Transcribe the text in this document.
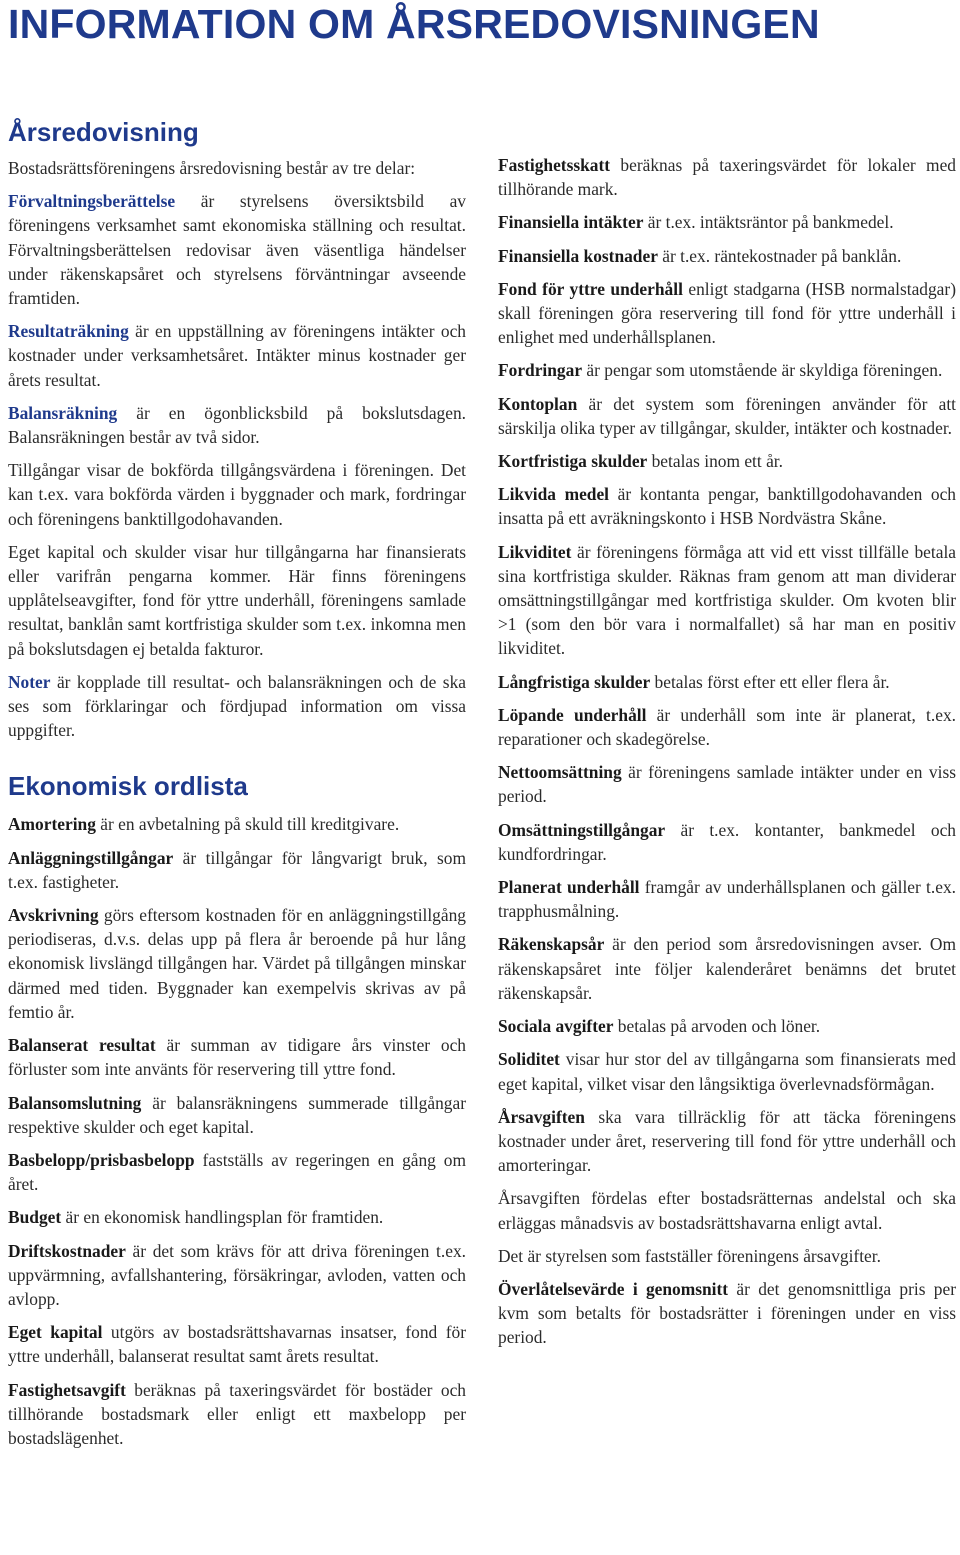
INFORMATION OM ÅRSREDOVISNINGEN
Årsredovisning

Bostadsrättsföreningens årsredovisning består av tre delar:

Förvaltningsberättelse är styrelsens översiktsbild av föreningens verksamhet samt ekonomiska ställning och resultat. Förvaltningsberättelsen redovisar även väsentliga händelser under räkenskapsåret och styrelsens förväntningar avseende framtiden.

Resultaträkning är en uppställning av föreningens intäkter och kostnader under verksamhetsåret. Intäkter minus kostnader ger årets resultat.

Balansräkning är en ögonblicksbild på bokslutsdagen. Balansräkningen består av två sidor.

Tillgångar visar de bokförda tillgångsvärdena i föreningen. Det kan t.ex. vara bokförda värden i byggnader och mark, fordringar och föreningens banktillgodohavanden.

Eget kapital och skulder visar hur tillgångarna har finansierats eller varifrån pengarna kommer. Här finns föreningens upplåtelseavgifter, fond för yttre underhåll, föreningens samlade resultat, banklån samt kortfristiga skulder som t.ex. inkomna men på bokslutsdagen ej betalda fakturor.

Noter är kopplade till resultat- och balansräkningen och de ska ses som förklaringar och fördjupad information om vissa uppgifter.

Ekonomisk ordlista

Amortering är en avbetalning på skuld till kreditgivare.

Anläggningstillgångar är tillgångar för långvarigt bruk, som t.ex. fastigheter.

Avskrivning görs eftersom kostnaden för en anläggningstillgång periodiseras, d.v.s. delas upp på flera år beroende på hur lång ekonomisk livslängd tillgången har. Värdet på tillgången minskar därmed med tiden. Byggnader kan exempelvis skrivas av på femtio år.

Balanserat resultat är summan av tidigare års vinster och förluster som inte använts för reservering till yttre fond.

Balansomslutning är balansräkningens summerade tillgångar respektive skulder och eget kapital.

Basbelopp/prisbasbelopp fastställs av regeringen en gång om året.

Budget är en ekonomisk handlingsplan för framtiden.

Driftskostnader är det som krävs för att driva föreningen t.ex. uppvärmning, avfallshantering, försäkringar, avloden, vatten och avlopp.

Eget kapital utgörs av bostadsrättshavarnas insatser, fond för yttre underhåll, balanserat resultat samt årets resultat.

Fastighetsavgift beräknas på taxeringsvärdet för bostäder och tillhörande bostadsmark eller enligt ett maxbelopp per bostadslägenhet.

Fastighetsskatt beräknas på taxeringsvärdet för lokaler med tillhörande mark.

Finansiella intäkter är t.ex. intäktsräntor på bankmedel.

Finansiella kostnader är t.ex. räntekostnader på banklån.

Fond för yttre underhåll enligt stadgarna (HSB normalstadgar) skall föreningen göra reservering till fond för yttre underhåll i enlighet med underhållsplanen.

Fordringar är pengar som utomstående är skyldiga föreningen.

Kontoplan är det system som föreningen använder för att särskilja olika typer av tillgångar, skulder, intäkter och kostnader.

Kortfristiga skulder betalas inom ett år.

Likvida medel är kontanta pengar, banktillgodohavanden och insatta på ett avräkningskonto i HSB Nordvästra Skåne.

Likviditet är föreningens förmåga att vid ett visst tillfälle betala sina kortfristiga skulder. Räknas fram genom att man dividerar omsättningstillgångar med kortfristiga skulder. Om kvoten blir >1 (som den bör vara i normalfallet) så har man en positiv likviditet.

Långfristiga skulder betalas först efter ett eller flera år.

Löpande underhåll är underhåll som inte är planerat, t.ex. reparationer och skadegörelse.

Nettoomsättning är föreningens samlade intäkter under en viss period.

Omsättningstillgångar är t.ex. kontanter, bankmedel och kundfordringar.

Planerat underhåll framgår av underhållsplanen och gäller t.ex. trapphusmålning.

Räkenskapsår är den period som årsredovisningen avser. Om räkenskapsåret inte följer kalenderåret benämns det brutet räkenskapsår.

Sociala avgifter betalas på arvoden och löner.

Soliditet visar hur stor del av tillgångarna som finansierats med eget kapital, vilket visar den långsiktiga överlevnadsförmågan.

Årsavgiften ska vara tillräcklig för att täcka föreningens kostnader under året, reservering till fond för yttre underhåll och amorteringar.

Årsavgiften fördelas efter bostadsrätternas andelstal och ska erläggas månadsvis av bostadsrättshavarna enligt avtal.

Det är styrelsen som fastställer föreningens årsavgifter.

Överlåtelsevärde i genomsnitt är det genomsnittliga pris per kvm som betalts för bostadsrätter i föreningen under en viss period.
